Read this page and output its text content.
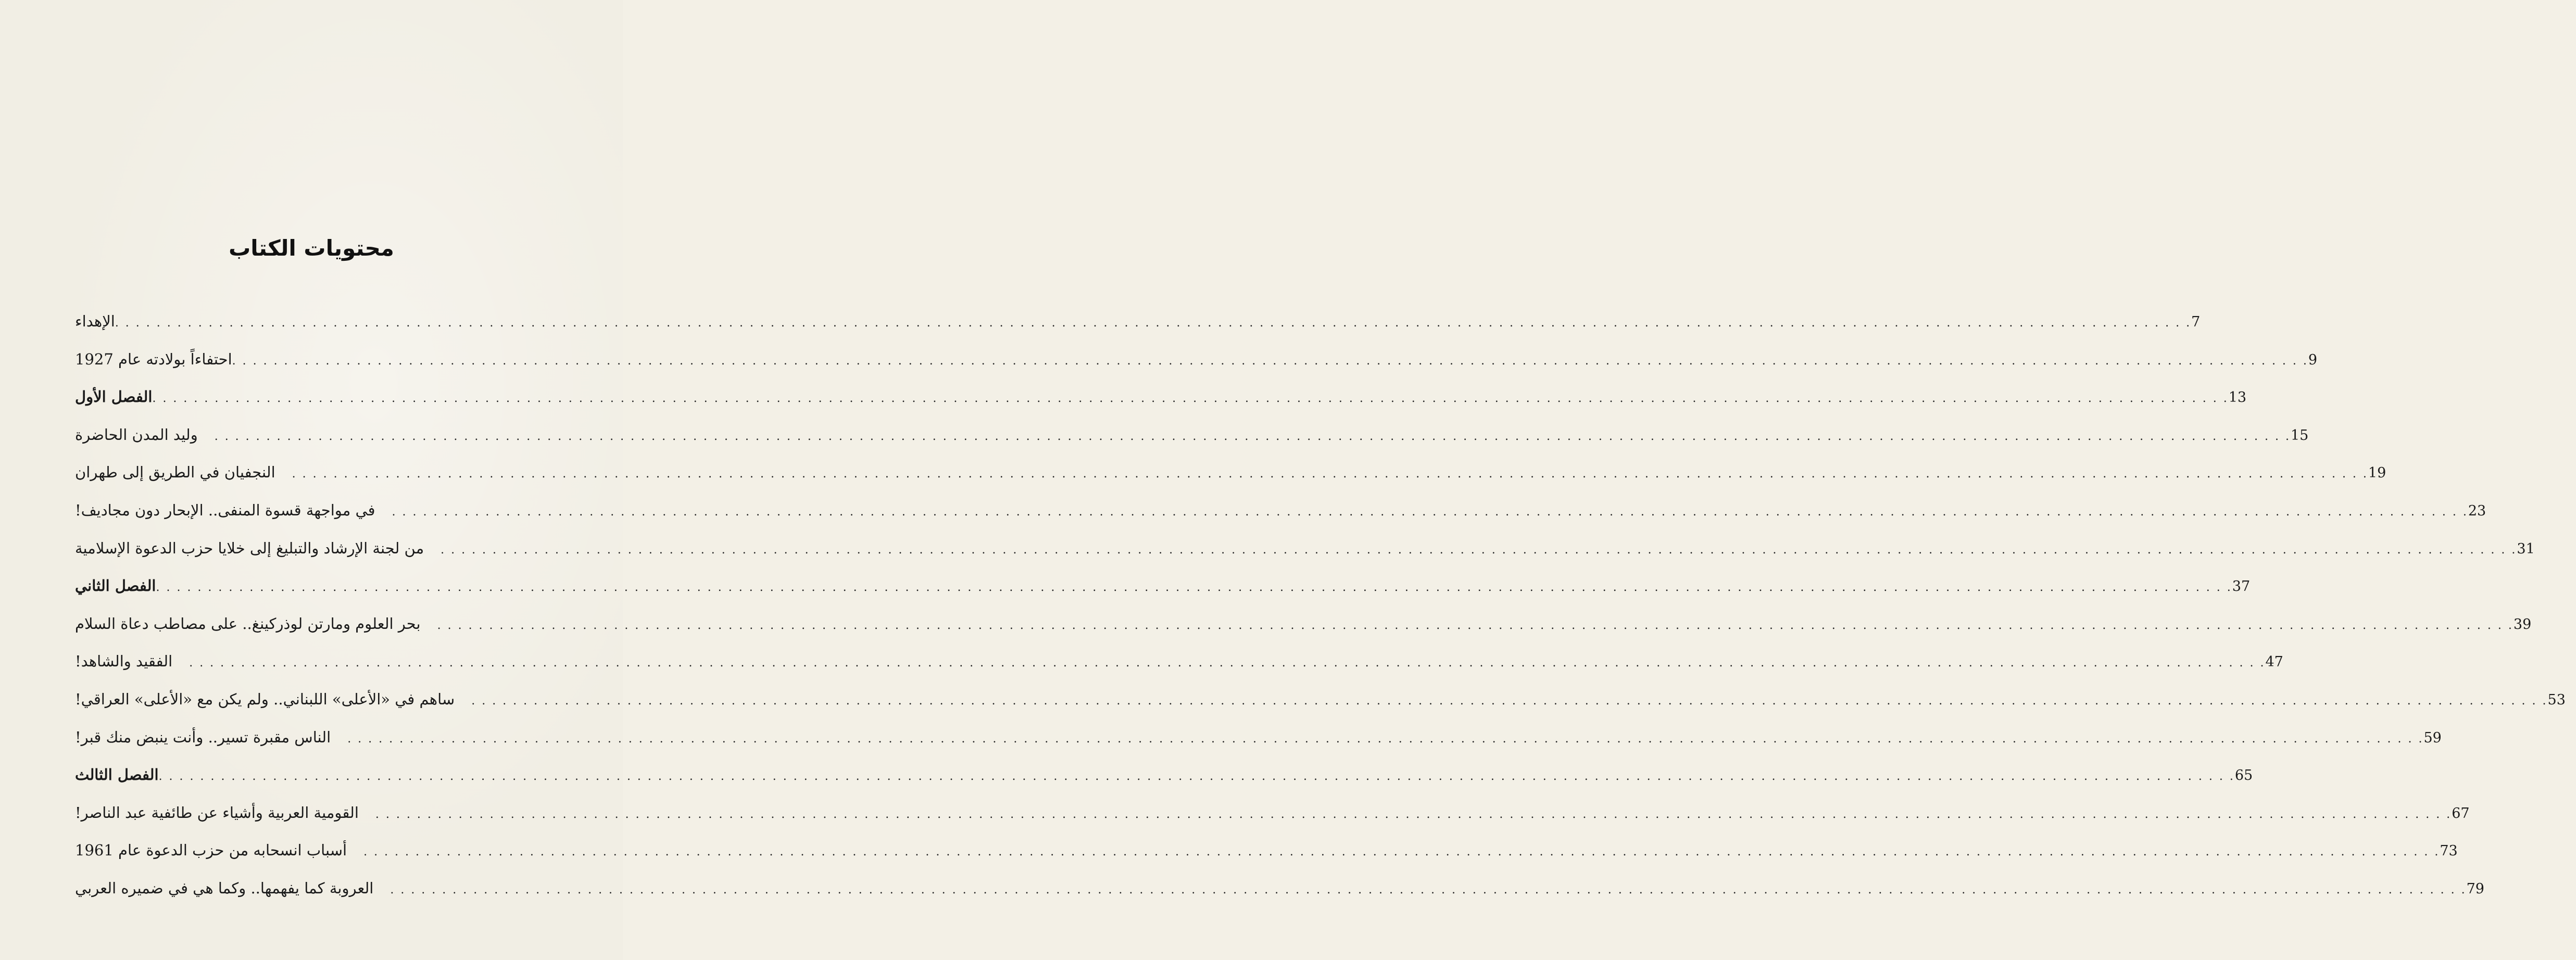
محتويات الكتاب
الإهداء . . . . . . . . . . . . . . . . . . . . . . . . . . . . . . . . . . . . . . . . . . . . . . . . . . . . . . . . . . . . . . . . . . . . . . . . . . . . . . . . . . . . . . . . . . . . . . . . . . . . . . . . . . . . . . . . . . . . . . . . . . . . . . . . . . . . . . . . . . . . . . . . . . . . . . . . . . . . . . . . . . . . . . . . . . . . . . . . . . . . . . . . . . . . . . . . . . . . . . . . 7
احتفاءاً بولادته عام 1927 . . . . . . . . . . . . . . . . . . . . . . . . . . . . . . . . . . . . . . . . . . . . . . . . . . . . . . . . . . . . . . . . . . . . . . . . . . . . . . . . . . . . . . . . . . . . . . . . . . . . . . . . . . . . . . . . . . . . . . . . . . . . . . . . . . . . . . . . . . . . . . . . . . . . . . . . . . . . . . . . . . . . . . . . . . . . . . . . . . . . . . . . . . . . . . . . . . . . . . . . 9
الفصل الأول . . . . . . . . . . . . . . . . . . . . . . . . . . . . . . . . . . . . . . . . . . . . . . . . . . . . . . . . . . . . . . . . . . . . . . . . . . . . . . . . . . . . . . . . . . . . . . . . . . . . . . . . . . . . . . . . . . . . . . . . . . . . . . . . . . . . . . . . . . . . . . . . . . . . . . . . . . . . . . . . . . . . . . . . . . . . . . . . . . . . . . . . . . . . . . . . . . . . . . . . 13
وليد المدن الحاضرة . . . . . . . . . . . . . . . . . . . . . . . . . . . . . . . . . . . . . . . . . . . . . . . . . . . . . . . . . . . . . . . . . . . . . . . . . . . . . . . . . . . . . . . . . . . . . . . . . . . . . . . . . . . . . . . . . . . . . . . . . . . . . . . . . . . . . . . . . . . . . . . . . . . . . . . . . . . . . . . . . . . . . . . . . . . . . . . . . . . . . . . . . . . . . . . . . . . . . . . . 15
النجفيان في الطريق إلى طهران . . . . . . . . . . . . . . . . . . . . . . . . . . . . . . . . . . . . . . . . . . . . . . . . . . . . . . . . . . . . . . . . . . . . . . . . . . . . . . . . . . . . . . . . . . . . . . . . . . . . . . . . . . . . . . . . . . . . . . . . . . . . . . . . . . . . . . . . . . . . . . . . . . . . . . . . . . . . . . . . . . . . . . . . . . . . . . . . . . . . . . . . . . . . . . . . . . . . . . . . 19
في مواجهة قسوة المنفى.. الإبحار دون مجاديف! . . . . . . . . . . . . . . . . . . . . . . . . . . . . . . . . . . . . . . . . . . . . . . . . . . . . . . . . . . . . . . . . . . . . . . . . . . . . . . . . . . . . . . . . . . . . . . . . . . . . . . . . . . . . . . . . . . . . . . . . . . . . . . . . . . . . . . . . . . . . . . . . . . . . . . . . . . . . . . . . . . . . . . . . . . . . . . . . . . . . . . . . . . . . . . . . . . . . . . . . 23
من لجنة الإرشاد والتبليغ إلى خلايا حزب الدعوة الإسلامية . . . . . . . . . . . . . . . . . . . . . . . . . . . . . . . . . . . . . . . . . . . . . . . . . . . . . . . . . . . . . . . . . . . . . . . . . . . . . . . . . . . . . . . . . . . . . . . . . . . . . . . . . . . . . . . . . . . . . . . . . . . . . . . . . . . . . . . . . . . . . . . . . . . . . . . . . . . . . . . . . . . . . . . . . . . . . . . . . . . . . . . . . . . . . . . . . . . . . . . . 31
الفصل الثاني . . . . . . . . . . . . . . . . . . . . . . . . . . . . . . . . . . . . . . . . . . . . . . . . . . . . . . . . . . . . . . . . . . . . . . . . . . . . . . . . . . . . . . . . . . . . . . . . . . . . . . . . . . . . . . . . . . . . . . . . . . . . . . . . . . . . . . . . . . . . . . . . . . . . . . . . . . . . . . . . . . . . . . . . . . . . . . . . . . . . . . . . . . . . . . . . . . . . . . . . 37
بحر العلوم ومارتن لوذركينغ.. على مصاطب دعاة السلام . . . . . . . . . . . . . . . . . . . . . . . . . . . . . . . . . . . . . . . . . . . . . . . . . . . . . . . . . . . . . . . . . . . . . . . . . . . . . . . . . . . . . . . . . . . . . . . . . . . . . . . . . . . . . . . . . . . . . . . . . . . . . . . . . . . . . . . . . . . . . . . . . . . . . . . . . . . . . . . . . . . . . . . . . . . . . . . . . . . . . . . . . . . . . . . . . . . . . . . . 39
الفقيد والشاهد! . . . . . . . . . . . . . . . . . . . . . . . . . . . . . . . . . . . . . . . . . . . . . . . . . . . . . . . . . . . . . . . . . . . . . . . . . . . . . . . . . . . . . . . . . . . . . . . . . . . . . . . . . . . . . . . . . . . . . . . . . . . . . . . . . . . . . . . . . . . . . . . . . . . . . . . . . . . . . . . . . . . . . . . . . . . . . . . . . . . . . . . . . . . . . . . . . . . . . . . . 47
ساهم في «الأعلى» اللبناني.. ولم يكن مع «الأعلى» العراقي! . . . . . . . . . . . . . . . . . . . . . . . . . . . . . . . . . . . . . . . . . . . . . . . . . . . . . . . . . . . . . . . . . . . . . . . . . . . . . . . . . . . . . . . . . . . . . . . . . . . . . . . . . . . . . . . . . . . . . . . . . . . . . . . . . . . . . . . . . . . . . . . . . . . . . . . . . . . . . . . . . . . . . . . . . . . . . . . . . . . . . . . . . . . . . . . . . . . . . . . . 53
الناس مقبرة تسير.. وأنت ينبض منك قبر! . . . . . . . . . . . . . . . . . . . . . . . . . . . . . . . . . . . . . . . . . . . . . . . . . . . . . . . . . . . . . . . . . . . . . . . . . . . . . . . . . . . . . . . . . . . . . . . . . . . . . . . . . . . . . . . . . . . . . . . . . . . . . . . . . . . . . . . . . . . . . . . . . . . . . . . . . . . . . . . . . . . . . . . . . . . . . . . . . . . . . . . . . . . . . . . . . . . . . . . . 59
الفصل الثالث . . . . . . . . . . . . . . . . . . . . . . . . . . . . . . . . . . . . . . . . . . . . . . . . . . . . . . . . . . . . . . . . . . . . . . . . . . . . . . . . . . . . . . . . . . . . . . . . . . . . . . . . . . . . . . . . . . . . . . . . . . . . . . . . . . . . . . . . . . . . . . . . . . . . . . . . . . . . . . . . . . . . . . . . . . . . . . . . . . . . . . . . . . . . . . . . . . . . . . . . 65
القومية العربية وأشياء عن طائفية عبد الناصر! . . . . . . . . . . . . . . . . . . . . . . . . . . . . . . . . . . . . . . . . . . . . . . . . . . . . . . . . . . . . . . . . . . . . . . . . . . . . . . . . . . . . . . . . . . . . . . . . . . . . . . . . . . . . . . . . . . . . . . . . . . . . . . . . . . . . . . . . . . . . . . . . . . . . . . . . . . . . . . . . . . . . . . . . . . . . . . . . . . . . . . . . . . . . . . . . . . . . . . . . 67
أسباب انسحابه من حزب الدعوة عام 1961 . . . . . . . . . . . . . . . . . . . . . . . . . . . . . . . . . . . . . . . . . . . . . . . . . . . . . . . . . . . . . . . . . . . . . . . . . . . . . . . . . . . . . . . . . . . . . . . . . . . . . . . . . . . . . . . . . . . . . . . . . . . . . . . . . . . . . . . . . . . . . . . . . . . . . . . . . . . . . . . . . . . . . . . . . . . . . . . . . . . . . . . . . . . . . . . . . . . . . . . . 73
العروبة كما يفهمها.. وكما هي في ضميره العربي . . . . . . . . . . . . . . . . . . . . . . . . . . . . . . . . . . . . . . . . . . . . . . . . . . . . . . . . . . . . . . . . . . . . . . . . . . . . . . . . . . . . . . . . . . . . . . . . . . . . . . . . . . . . . . . . . . . . . . . . . . . . . . . . . . . . . . . . . . . . . . . . . . . . . . . . . . . . . . . . . . . . . . . . . . . . . . . . . . . . . . . . . . . . . . . . . . . . . . . . 79
